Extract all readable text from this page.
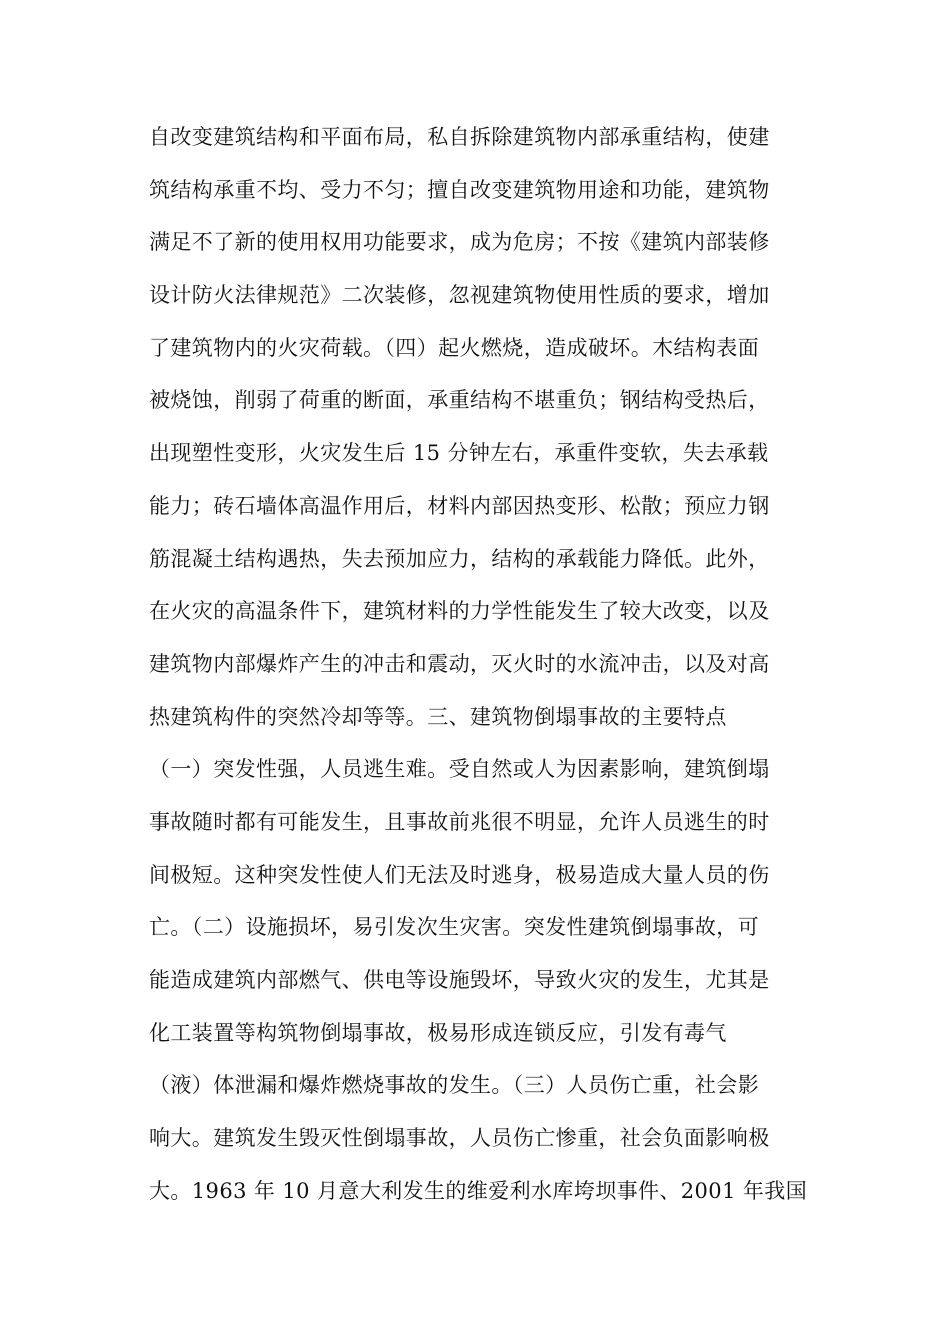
自改变建筑结构和平面布局，私自拆除建筑物内部承重结构，使建
筑结构承重不均、受力不匀；擅自改变建筑物用途和功能，建筑物
满足不了新的使用权用功能要求，成为危房；不按《建筑内部装修
设计防火法律规范》二次装修，忽视建筑物使用性质的要求，增加
了建筑物内的火灾荷载。（四）起火燃烧，造成破坏。木结构表面
被烧蚀，削弱了荷重的断面，承重结构不堪重负；钢结构受热后，
出现塑性变形，火灾发生后 15 分钟左右，承重件变软，失去承载
能力；砖石墙体高温作用后，材料内部因热变形、松散；预应力钢
筋混凝土结构遇热，失去预加应力，结构的承载能力降低。此外，
在火灾的高温条件下，建筑材料的力学性能发生了较大改变，以及
建筑物内部爆炸产生的冲击和震动，灭火时的水流冲击，以及对高
热建筑构件的突然冷却等等。三、建筑物倒塌事故的主要特点
（一）突发性强，人员逃生难。受自然或人为因素影响，建筑倒塌
事故随时都有可能发生，且事故前兆很不明显，允许人员逃生的时
间极短。这种突发性使人们无法及时逃身，极易造成大量人员的伤
亡。（二）设施损坏，易引发次生灾害。突发性建筑倒塌事故，可
能造成建筑内部燃气、供电等设施毁坏，导致火灾的发生，尤其是
化工装置等构筑物倒塌事故，极易形成连锁反应，引发有毒气
（液）体泄漏和爆炸燃烧事故的发生。（三）人员伤亡重，社会影
响大。建筑发生毁灭性倒塌事故，人员伤亡惨重，社会负面影响极
大。1963 年 10 月意大利发生的维爱利水库垮坝事件、2001 年我国
